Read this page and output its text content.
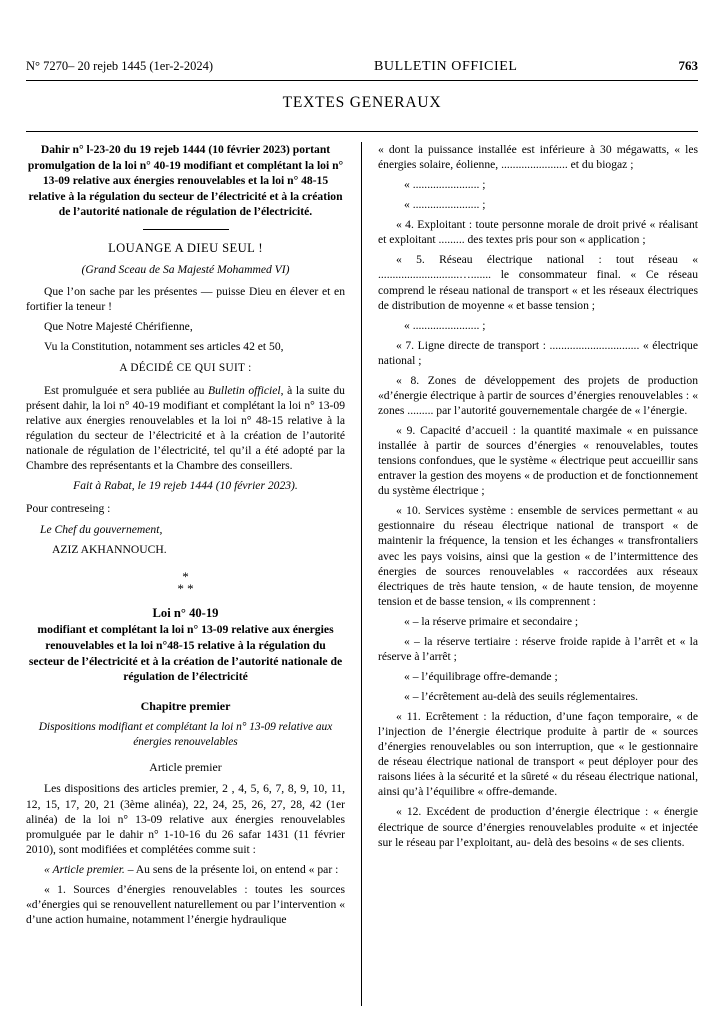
N° 7270– 20 rejeb 1445 (1er-2-2024)	BULLETIN OFFICIEL	763
TEXTES GENERAUX
Dahir n° l-23-20 du 19 rejeb 1444 (10 février 2023) portant promulgation de la loi n° 40-19 modifiant et complétant la loi n° 13-09 relative aux énergies renouvelables et la loi n° 48-15 relative à la régulation du secteur de l’électricité et à la création de l’autorité nationale de régulation de l’électricité.
LOUANGE A DIEU SEUL !
(Grand Sceau de Sa Majesté Mohammed VI)

Que l’on sache par les présentes — puisse Dieu en élever et en fortifier la teneur !

Que Notre Majesté Chérifienne,

Vu la Constitution, notamment ses articles 42 et 50,

A DÉCIDÉ CE QUI SUIT :

Est promulguée et sera publiée au Bulletin officiel, à la suite du présent dahir, la loi n° 40-19 modifiant et complétant la loi n° 13-09 relative aux énergies renouvelables et la loi n° 48-15 relative à la régulation du secteur de l’électricité et à la création de l’autorité nationale de régulation de l’électricité, tel qu’il a été adopté par la Chambre des représentants et la Chambre des conseillers.

Fait à Rabat, le 19 rejeb 1444 (10 février 2023).

Pour contreseing :

Le Chef du gouvernement,

AZIZ AKHANNOUCH.

*
* *
Loi n° 40-19
modifiant et complétant la loi n° 13-09 relative aux énergies renouvelables et la loi n°48-15 relative à la régulation du secteur de l’électricité et à la création de l’autorité nationale de régulation de l’électricité
Chapitre premier
Dispositions modifiant et complétant la loi n° 13-09 relative aux énergies renouvelables
Article premier

Les dispositions des articles premier, 2 , 4, 5, 6, 7, 8, 9, 10, 11, 12, 15, 17, 20, 21 (3ème alinéa), 22, 24, 25, 26, 27, 28, 42 (1er alinéa) de la loi n° 13-09 relative aux énergies renouvelables promulguée par le dahir n° 1-10-16 du 26 safar 1431 (11 février 2010), sont modifiées et complétées comme suit :

« Article premier. – Au sens de la présente loi, on entend « par :

« 1. Sources d’énergies renouvelables : toutes les sources «d’énergies qui se renouvellent naturellement ou par l’intervention « d’une action humaine, notamment l’énergie hydraulique

« dont la puissance installée est inférieure à 30 mégawatts, « les énergies solaire, éolienne, ....................... et du biogaz ;

« ....................... ;

« ....................... ;

« 4. Exploitant : toute personne morale de droit privé « réalisant et exploitant ......... des textes pris pour son « application ;

« 5. Réseau électrique national : tout réseau « ............................…....... le consommateur final. « Ce réseau comprend le réseau national de transport « et les réseaux électriques de distribution de moyenne « et basse tension ;

« ....................... ;

« 7. Ligne directe de transport : ............................... « électrique national ;

« 8. Zones de développement des projets de production «d’énergie électrique à partir de sources d’énergies renouvelables : « zones ......... par l’autorité gouvernementale chargée de « l’énergie.

« 9. Capacité d’accueil : la quantité maximale « en puissance installée à partir de sources d’énergies « renouvelables, toutes tensions confondues, que le système « électrique peut accueillir sans entraver la gestion des moyens « de production et de fonctionnement du système électrique ;

« 10. Services système : ensemble de services permettant « au gestionnaire du réseau électrique national de transport « de maintenir la fréquence, la tension et les échanges « transfrontaliers avec les pays voisins, ainsi que la gestion « de l’intermittence des énergies de sources renouvelables « raccordées aux réseaux électriques de très haute tension, « de haute tension, de moyenne tension et de basse tension, « ils comprennent :

« – la réserve primaire et secondaire ;

« – la réserve tertiaire : réserve froide rapide à l’arrêt et « la réserve à l’arrêt ;

« – l’équilibrage offre-demande ;

« – l’écrêtement au-delà des seuils réglementaires.

« 11. Ecrêtement : la réduction, d’une façon temporaire, « de l’injection de l’énergie électrique produite à partir de « sources d’énergies renouvelables ou son interruption, que « le gestionnaire de réseau électrique national de transport « peut déployer pour des raisons liées à la sécurité et la sûreté « du réseau électrique national, ainsi qu’à l’équilibre « offre-demande.

« 12. Excédent de production d’énergie électrique : « énergie électrique de source d’énergies renouvelables produite « et injectée sur le réseau par l’exploitant, au- delà des besoins « de ses clients.
